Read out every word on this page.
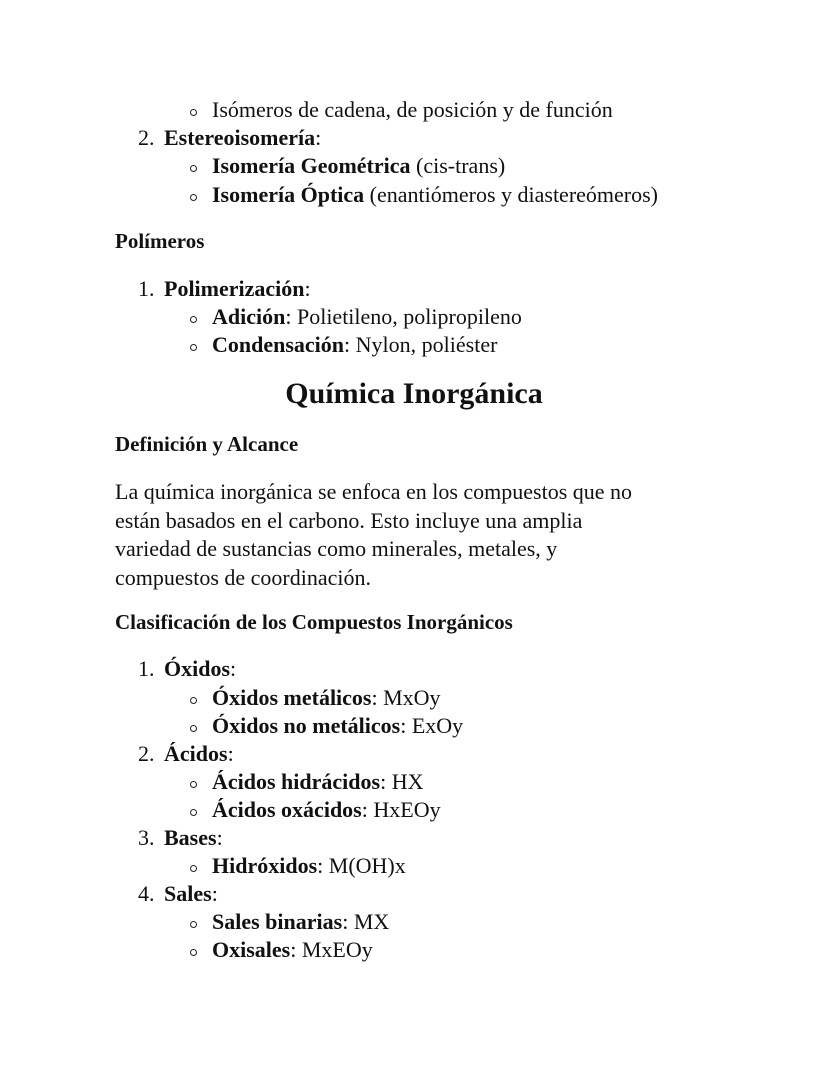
Isómeros de cadena, de posición y de función
2. Estereoisomería:
Isomería Geométrica (cis-trans)
Isomería Óptica (enantiómeros y diastereómeros)
Polímeros
1. Polimerización:
Adición: Polietileno, polipropileno
Condensación: Nylon, poliéster
Química Inorgánica
Definición y Alcance
La química inorgánica se enfoca en los compuestos que no
están basados en el carbono. Esto incluye una amplia
variedad de sustancias como minerales, metales, y
compuestos de coordinación.
Clasificación de los Compuestos Inorgánicos
1. Óxidos:
Óxidos metálicos: MxOy
Óxidos no metálicos: ExOy
2. Ácidos:
Ácidos hidrácidos: HX
Ácidos oxácidos: HxEOy
3. Bases:
Hidróxidos: M(OH)x
4. Sales:
Sales binarias: MX
Oxisales: MxEOy
